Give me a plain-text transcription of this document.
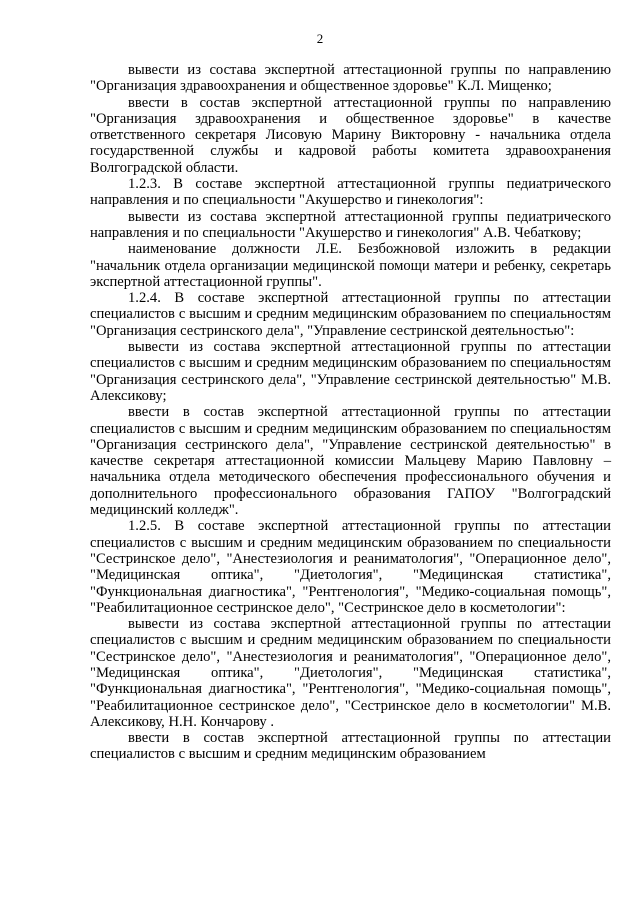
2

вывести из состава экспертной аттестационной группы по направлению "Организация здравоохранения и общественное здоровье" К.Л. Мищенко;

ввести в состав экспертной аттестационной группы по направлению "Организация здравоохранения и общественное здоровье" в качестве ответственного секретаря Лисовую Марину Викторовну - начальника отдела государственной службы и кадровой работы комитета здравоохранения Волгоградской области.

1.2.3. В составе экспертной аттестационной группы педиатрического направления и по специальности "Акушерство и гинекология":

вывести из состава экспертной аттестационной группы педиатрического направления и по специальности "Акушерство и гинекология" А.В. Чебаткову;

наименование должности Л.Е. Безбожновой изложить в редакции "начальник отдела организации медицинской помощи матери и ребенку, секретарь экспертной аттестационной группы".

1.2.4. В составе экспертной аттестационной группы по аттестации специалистов с высшим и средним медицинским образованием по специальностям "Организация сестринского дела", "Управление сестринской деятельностью":

вывести из состава экспертной аттестационной группы по аттестации специалистов с высшим и средним медицинским образованием по специальностям "Организация сестринского дела", "Управление сестринской деятельностью" М.В. Алексикову;

ввести в состав экспертной аттестационной группы по аттестации специалистов с высшим и средним медицинским образованием по специальностям "Организация сестринского дела", "Управление сестринской деятельностью" в качестве секретаря аттестационной комиссии Мальцеву Марию Павловну – начальника отдела методического обеспечения профессионального обучения и дополнительного профессионального образования ГАПОУ "Волгоградский медицинский колледж".

1.2.5. В составе экспертной аттестационной группы по аттестации специалистов с высшим и средним медицинским образованием по специальности "Сестринское дело", "Анестезиология и реаниматология", "Операционное дело", "Медицинская оптика", "Диетология", "Медицинская статистика", "Функциональная диагностика", "Рентгенология", "Медико-социальная помощь", "Реабилитационное сестринское дело", "Сестринское дело в косметологии":

вывести из состава экспертной аттестационной группы по аттестации специалистов с высшим и средним медицинским образованием по специальности "Сестринское дело", "Анестезиология и реаниматология", "Операционное дело", "Медицинская оптика", "Диетология", "Медицинская статистика", "Функциональная диагностика", "Рентгенология", "Медико-социальная помощь", "Реабилитационное сестринское дело", "Сестринское дело в косметологии" М.В. Алексикову, Н.Н. Кончарову .

ввести в состав экспертной аттестационной группы по аттестации специалистов с высшим и средним медицинским образованием
